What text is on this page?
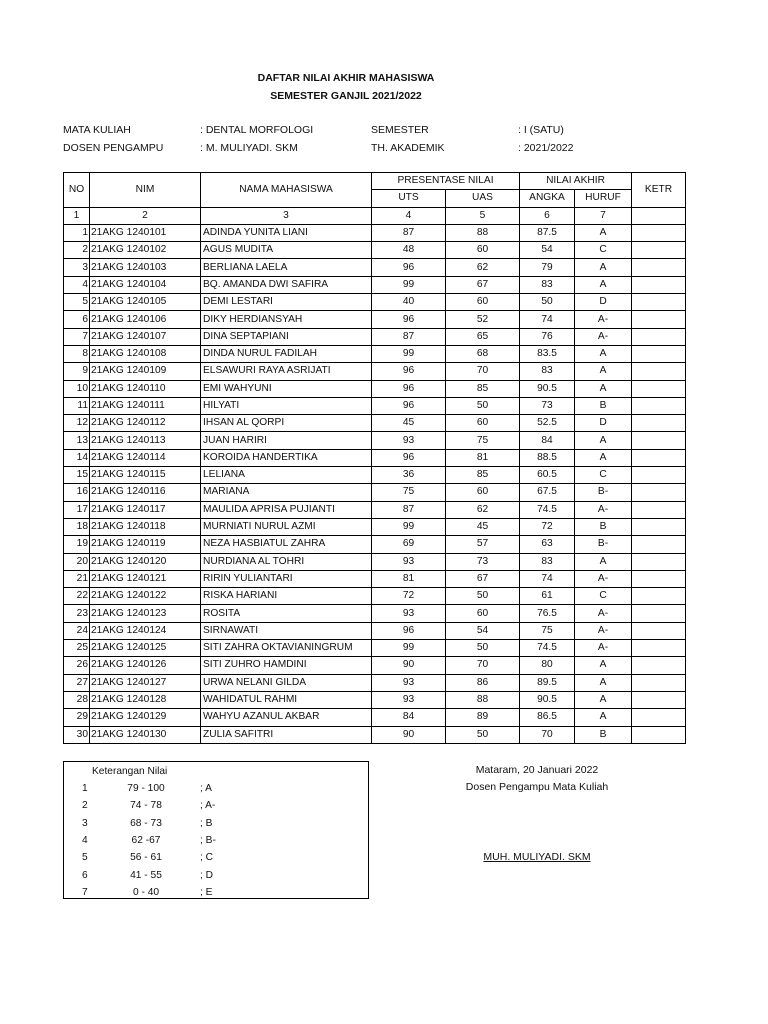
DAFTAR NILAI AKHIR MAHASISWA
SEMESTER GANJIL 2021/2022
MATA KULIAH	: DENTAL MORFOLOGI	SEMESTER	: I (SATU)
DOSEN PENGAMPU	: M. MULIYADI. SKM	TH. AKADEMIK	: 2021/2022
NO	NIM	NAMA MAHASISWA	PRESENTASE NILAI		NILAI AKHIR		KETR
			UTS	UAS	ANGKA	HURUF	
1	2	3	4	5	6	7	
1	21AKG 1240101	ADINDA YUNITA LIANI	87	88	87.5	A	
2	21AKG 1240102	AGUS MUDITA	48	60	54	C	
3	21AKG 1240103	BERLIANA LAELA	96	62	79	A	
4	21AKG 1240104	BQ. AMANDA DWI SAFIRA	99	67	83	A	
5	21AKG 1240105	DEMI LESTARI	40	60	50	D	
6	21AKG 1240106	DIKY HERDIANSYAH	96	52	74	A-	
7	21AKG 1240107	DINA SEPTAPIANI	87	65	76	A-	
8	21AKG 1240108	DINDA NURUL FADILAH	99	68	83.5	A	
9	21AKG 1240109	ELSAWURI RAYA ASRIJATI	96	70	83	A	
10	21AKG 1240110	EMI WAHYUNI	96	85	90.5	A	
11	21AKG 1240111	HILYATI	96	50	73	B	
12	21AKG 1240112	IHSAN AL QORPI	45	60	52.5	D	
13	21AKG 1240113	JUAN HARIRI	93	75	84	A	
14	21AKG 1240114	KOROIDA HANDERTIKA	96	81	88.5	A	
15	21AKG 1240115	LELIANA	36	85	60.5	C	
16	21AKG 1240116	MARIANA	75	60	67.5	B-	
17	21AKG 1240117	MAULIDA APRISA PUJIANTI	87	62	74.5	A-	
18	21AKG 1240118	MURNIATI NURUL AZMI	99	45	72	B	
19	21AKG 1240119	NEZA HASBIATUL ZAHRA	69	57	63	B-	
20	21AKG 1240120	NURDIANA AL TOHRI	93	73	83	A	
21	21AKG 1240121	RIRIN YULIANTARI	81	67	74	A-	
22	21AKG 1240122	RISKA HARIANI	72	50	61	C	
23	21AKG 1240123	ROSITA	93	60	76.5	A-	
24	21AKG 1240124	SIRNAWATI	96	54	75	A-	
25	21AKG 1240125	SITI ZAHRA OKTAVIANINGRUM	99	50	74.5	A-	
26	21AKG 1240126	SITI ZUHRO HAMDINI	90	70	80	A	
27	21AKG 1240127	URWA NELANI GILDA	93	86	89.5	A	
28	21AKG 1240128	WAHIDATUL RAHMI	93	88	90.5	A	
29	21AKG 1240129	WAHYU AZANUL AKBAR	84	89	86.5	A	
30	21AKG 1240130	ZULIA SAFITRI	90	50	70	B	
Keterangan Nilai
1	79 - 100	; A
2	74 - 78	; A-
3	68 - 73	; B
4	62 -67	; B-
5	56 - 61	; C
6	41 - 55	; D
7	0 - 40	; E
Mataram, 20 Januari 2022
Dosen Pengampu Mata Kuliah
MUH. MULIYADI. SKM
